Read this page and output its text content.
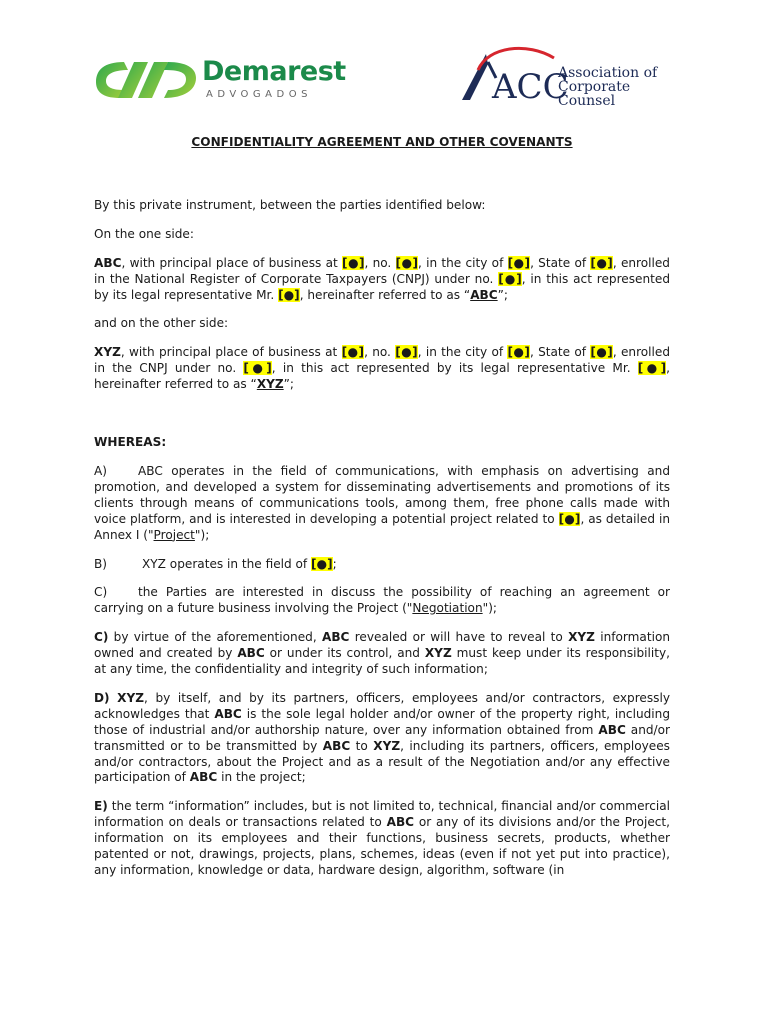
Demarest
ADVOGADOS	ACC
Association of
Corporate Counsel

CONFIDENTIALITY AGREEMENT AND OTHER COVENANTS

By this private instrument, between the parties identified below:

On the one side:

ABC, with principal place of business at [●], no. [●], in the city of [●], State of [●], enrolled in the National Register of Corporate Taxpayers (CNPJ) under no. [●], in this act represented by its legal representative Mr. [●], hereinafter referred to as “ABC”;

and on the other side:

XYZ, with principal place of business at [●], no. [●], in the city of [●], State of [●], enrolled in the CNPJ under no. [●], in this act represented by its legal representative Mr. [●], hereinafter referred to as “XYZ”;

WHEREAS:

A)	ABC operates in the field of communications, with emphasis on advertising and promotion, and developed a system for disseminating advertisements and promotions of its clients through means of communications tools, among them, free phone calls made with voice platform, and is interested in developing a potential project related to [●], as detailed in Annex I ("Project");

B)	XYZ operates in the field of [●];

C)	the Parties are interested in discuss the possibility of reaching an agreement or carrying on a future business involving the Project ("Negotiation");

C) by virtue of the aforementioned, ABC revealed or will have to reveal to XYZ information owned and created by ABC or under its control, and XYZ must keep under its responsibility, at any time, the confidentiality and integrity of such information;

D) XYZ, by itself, and by its partners, officers, employees and/or contractors, expressly acknowledges that ABC is the sole legal holder and/or owner of the property right, including those of industrial and/or authorship nature, over any information obtained from ABC and/or transmitted or to be transmitted by ABC to XYZ, including its partners, officers, employees and/or contractors, about the Project and as a result of the Negotiation and/or any effective participation of ABC in the project;

E) the term “information” includes, but is not limited to, technical, financial and/or commercial information on deals or transactions related to ABC or any of its divisions and/or the Project, information on its employees and their functions, business secrets, products, whether patented or not, drawings, projects, plans, schemes, ideas (even if not yet put into practice), any information, knowledge or data, hardware design, algorithm, software (in
